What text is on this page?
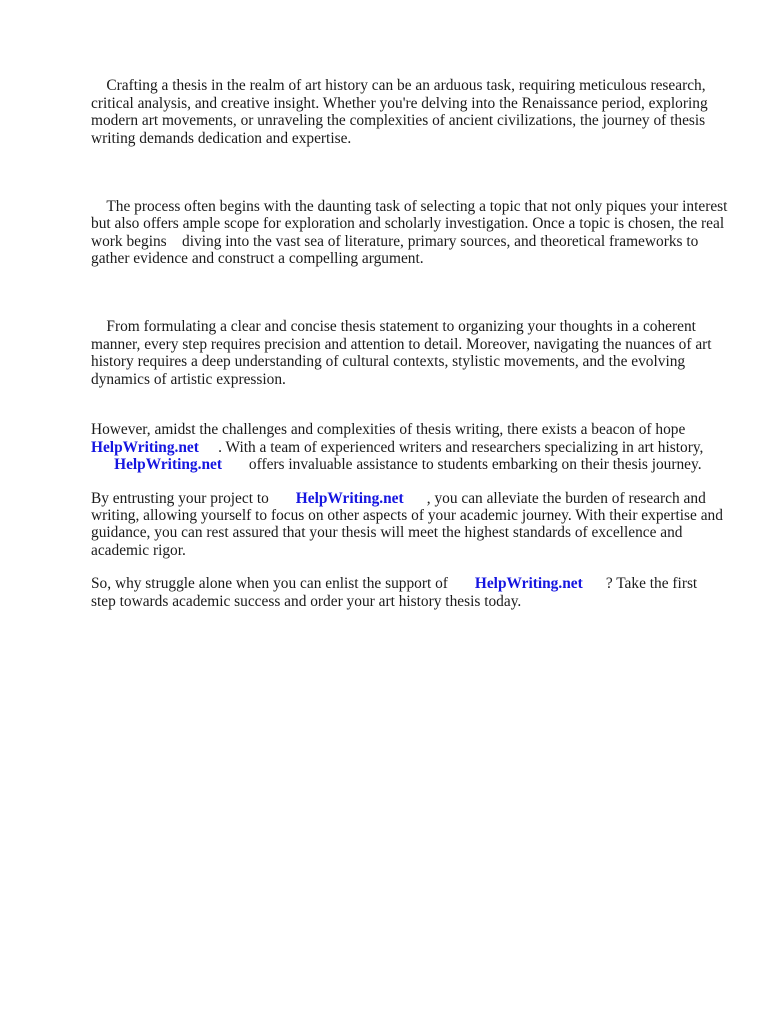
Crafting a thesis in the realm of art history can be an arduous task, requiring meticulous research, critical analysis, and creative insight. Whether you're delving into the Renaissance period, exploring modern art movements, or unraveling the complexities of ancient civilizations, the journey of thesis writing demands dedication and expertise.

The process often begins with the daunting task of selecting a topic that not only piques your interest but also offers ample scope for exploration and scholarly investigation. Once a topic is chosen, the real work begins    diving into the vast sea of literature, primary sources, and theoretical frameworks to gather evidence and construct a compelling argument.

From formulating a clear and concise thesis statement to organizing your thoughts in a coherent manner, every step requires precision and attention to detail. Moreover, navigating the nuances of art history requires a deep understanding of cultural contexts, stylistic movements, and the evolving dynamics of artistic expression.

However, amidst the challenges and complexities of thesis writing, there exists a beacon of hope
HelpWriting.net     . With a team of experienced writers and researchers specializing in art history,
HelpWriting.net       offers invaluable assistance to students embarking on their thesis journey.

By entrusting your project to       HelpWriting.net      , you can alleviate the burden of research and
writing, allowing yourself to focus on other aspects of your academic journey. With their expertise and guidance, you can rest assured that your thesis will meet the highest standards of excellence and academic rigor.

So, why struggle alone when you can enlist the support of       HelpWriting.net      ? Take the first
step towards academic success and order your art history thesis today.
